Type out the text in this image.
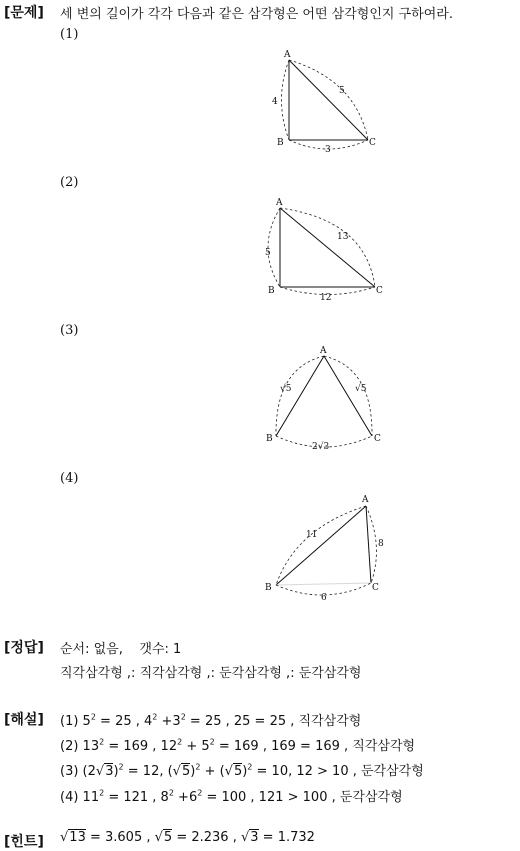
[문제] 세 변의 길이가 각각 다음과 같은 삼각형은 어떤 삼각형인지 구하여라.
(1)
(2)
(3)
(4)
A
B	C
4
3
5
A
B	C
5
12
13
A
B	C
√5
2√3
√5
A
B	C
11
6
8
[정답] 순서: 없음,    갯수: 1
직각삼각형 ,: 직각삼각형 ,: 둔각삼각형 ,: 둔각삼각형
[해설] (1) $5^2 = 25$ , $4^2 +3^2 = 25$ , 25 = 25 , 직각삼각형
(2) $13^2 = 169$ , $12^2 + 5^2 = 169$ , 169 = 169 , 직각삼각형
(3) $(2√3)^2 = 12$, $(√5)^2 + (√5)^2 = 10$, 12 > 10 , 둔각삼각형
(4) $11^2 = 121$ , $8^2 +6^2 = 100$ , 121 > 100 , 둔각삼각형
[힌트] √13 = 3.605 , √5 = 2.236 , √3 = 1.732
